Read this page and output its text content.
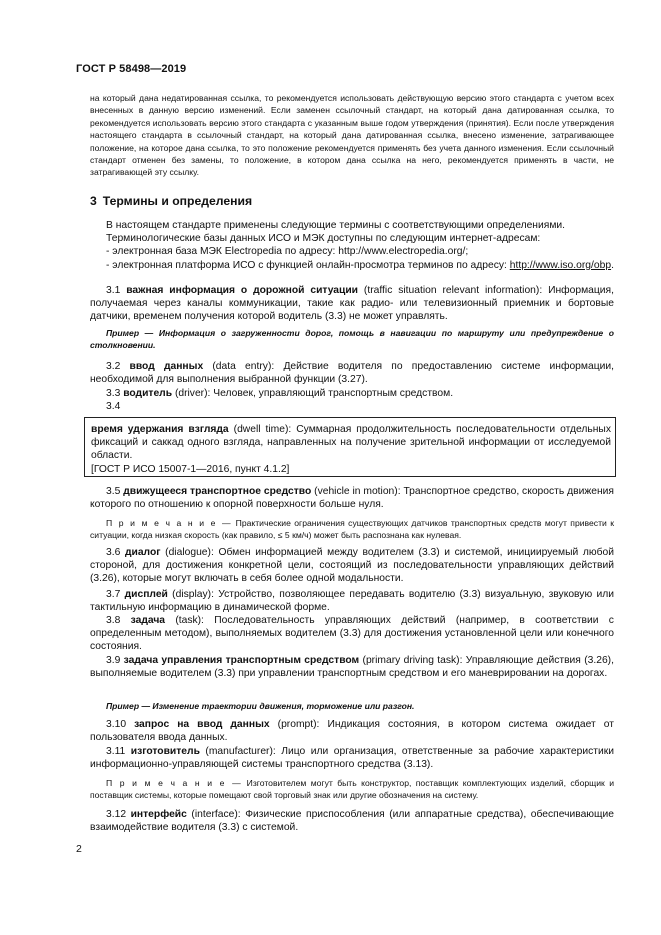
ГОСТ Р 58498—2019

на который дана недатированная ссылка, то рекомендуется использовать действующую версию этого стандарта с учетом всех внесенных в данную версию изменений. Если заменен ссылочный стандарт, на который дана датированная ссылка, то рекомендуется использовать версию этого стандарта с указанным выше годом утверждения (принятия). Если после утверждения настоящего стандарта в ссылочный стандарт, на который дана датированная ссылка, внесено изменение, затрагивающее положение, на которое дана ссылка, то это положение рекомендуется применять без учета данного изменения. Если ссылочный стандарт отменен без замены, то положение, в котором дана ссылка на него, рекомендуется применять в части, не затрагивающей эту ссылку.

3 Термины и определения

В настоящем стандарте применены следующие термины с соответствующими определениями.

Терминологические базы данных ИСО и МЭК доступны по следующим интернет-адресам:

- электронная база МЭК Electropedia по адресу: http://www.electropedia.org/;

- электронная платформа ИСО с функцией онлайн-просмотра терминов по адресу: http://www.iso.org/obp.

3.1 важная информация о дорожной ситуации (traffic situation relevant information): Информация, получаемая через каналы коммуникации, такие как радио- или телевизионный приемник и бортовые датчики, временем получения которой водитель (3.3) не может управлять.

Пример — Информация о загруженности дорог, помощь в навигации по маршруту или предупреждение о столкновении.

3.2 ввод данных (data entry): Действие водителя по предоставлению системе информации, необходимой для выполнения выбранной функции (3.27).

3.3 водитель (driver): Человек, управляющий транспортным средством.

3.4

время удержания взгляда (dwell time): Суммарная продолжительность последовательности отдельных фиксаций и саккад одного взгляда, направленных на получение зрительной информации от исследуемой области.

[ГОСТ Р ИСО 15007-1—2016, пункт 4.1.2]

3.5 движущееся транспортное средство (vehicle in motion): Транспортное средство, скорость движения которого по отношению к опорной поверхности больше нуля.

П р и м е ч а н и е — Практические ограничения существующих датчиков транспортных средств могут привести к ситуации, когда низкая скорость (как правило, ≤ 5 км/ч) может быть распознана как нулевая.

3.6 диалог (dialogue): Обмен информацией между водителем (3.3) и системой, инициируемый любой стороной, для достижения конкретной цели, состоящий из последовательности управляющих действий (3.26), которые могут включать в себя более одной модальности.

3.7 дисплей (display): Устройство, позволяющее передавать водителю (3.3) визуальную, звуковую или тактильную информацию в динамической форме.

3.8 задача (task): Последовательность управляющих действий (например, в соответствии с определенным методом), выполняемых водителем (3.3) для достижения установленной цели или конечного состояния.

3.9 задача управления транспортным средством (primary driving task): Управляющие действия (3.26), выполняемые водителем (3.3) при управлении транспортным средством и его маневрировании на дорогах.

Пример — Изменение траектории движения, торможение или разгон.

3.10 запрос на ввод данных (prompt): Индикация состояния, в котором система ожидает от пользователя ввода данных.

3.11 изготовитель (manufacturer): Лицо или организация, ответственные за рабочие характеристики информационно-управляющей системы транспортного средства (3.13).

П р и м е ч а н и е — Изготовителем могут быть конструктор, поставщик комплектующих изделий, сборщик и поставщик системы, которые помещают свой торговый знак или другие обозначения на систему.

3.12 интерфейс (interface): Физические приспособления (или аппаратные средства), обеспечивающие взаимодействие водителя (3.3) с системой.

2
